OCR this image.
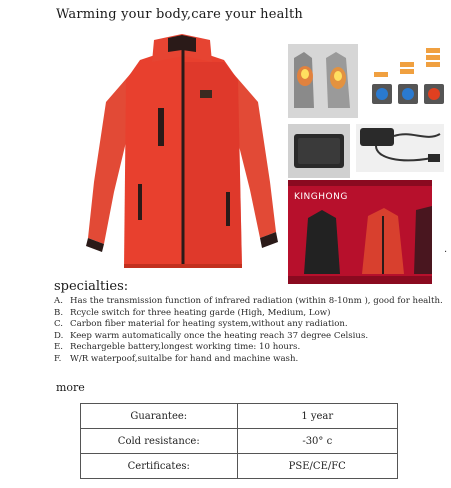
Warming your body,care your health
KINGHONG
.
specialties:
A. Has the transmission function of infrared radiation (within 8-10nm ), good for health.
B. Rcycle switch for three heating garde (High, Medium, Low)
C. Carbon fiber material for heating system,without any radiation.
D. Keep warm automatically once the heating reach 37 degree Celsius.
E. Rechargeble battery,longest working time: 10 hours.
F.	W/R waterpoof,suitalbe for hand and machine wash.
more
Guarantee:	1 year
Cold resistance:	-30° c
Certificates:	PSE/CE/FC
